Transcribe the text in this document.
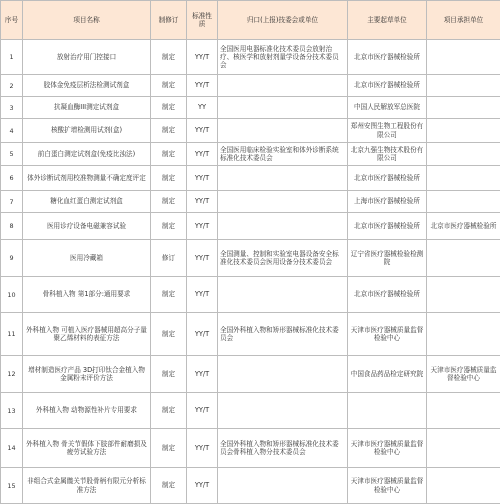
序号	项目名称	制修订	标准性质	归口(上报)技委会或单位	主要起草单位	项目承担单位
1	放射治疗用门控接口	制定	YY/T	全国医用电器标准化技术委员会放射治疗、核医学和放射剂量学设备分技术委员会	北京市医疗器械检验所	
2	胶体金免疫层析法检测试剂盒	制定	YY/T		北京市医疗器械检验所	
3	抗凝血酶III测定试剂盒	制定	YY		中国人民解放军总医院	
4	核酸扩增检测用试剂(盒)	制定	YY/T		郑州安图生物工程股份有限公司	
5	前白蛋白测定试剂盒(免疫比浊法)	制定	YY/T	全国医用临床检验实验室和体外诊断系统标准化技术委员会	北京九强生物技术股份有限公司	
6	体外诊断试剂用校准物测量不确定度评定	制定	YY/T		北京市医疗器械检验所	
7	糖化血红蛋白测定试剂盒	制定	YY/T		上海市医疗器械检验所	
8	医用诊疗设备电磁兼容试验	制定	YY/T		北京市医疗器械检验所	北京市医疗器械检验所
9	医用冷藏箱	修订	YY/T	全国测量、控制和实验室电器设备安全标准化技术委员会医用设备分技术委员会	辽宁省医疗器械检验检测院	
10	骨科植入物 第1部分:通用要求	制定	YY/T		北京市医疗器械检验所	
11	外科植入物 可植入医疗器械用超高分子量聚乙烯材料的表征方法	制定	YY/T	全国外科植入物和矫形器械标准化技术委员会	天津市医疗器械质量监督检验中心	
12	增材制造医疗产品 3D打印钛合金植入物金属粉末评价方法	制定	YY/T		中国食品药品检定研究院	天津市医疗器械质量监督检验中心
13	外科植入物 动物源性补片专用要求	制定	YY/T			
14	外科植入物 骨关节假体下肢部件耐磨损及疲劳试验方法	制定	YY/T	全国外科植入物和矫形器械标准化技术委员会骨科植入物分技术委员会	天津市医疗器械质量监督检验中心	
15	非组合式金属髋关节股骨柄有限元分析标准方法	制定	YY/T		天津市医疗器械质量监督检验中心	
